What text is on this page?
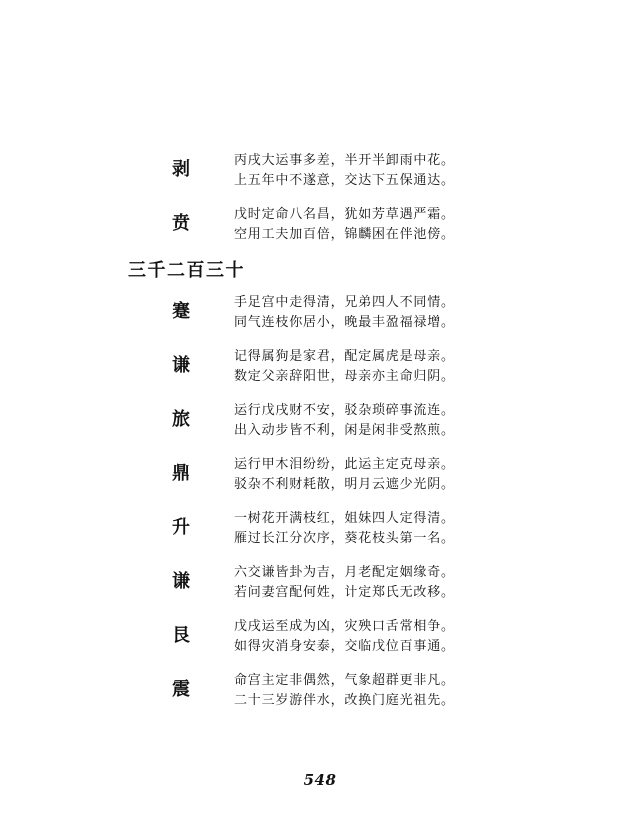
剥	丙戌大运事多差，半开半卸雨中花。
上五年中不遂意，交达下五保通达。
贲	戊时定命八名昌，犹如芳草遇严霜。
空用工夫加百倍，锦麟困在伴池傍。
三千二百三十
蹇	手足宫中走得清，兄弟四人不同情。
同气连枝你居小，晚最丰盈福禄增。
谦	记得属狗是家君，配定属虎是母亲。
数定父亲辞阳世，母亲亦主命归阴。
旅	运行戊戌财不安，驳杂琐碎事流连。
出入动步皆不利，闲是闲非受熬煎。
鼎	运行甲木泪纷纷，此运主定克母亲。
驳杂不利财耗散，明月云遮少光阴。
升	一树花开满枝红，姐妹四人定得清。
雁过长江分次序，葵花枝头第一名。
谦	六交谦皆卦为吉，月老配定姻缘奇。
若问妻宫配何姓，计定郑氏无改移。
艮	戊戌运至成为凶，灾殃口舌常相争。
如得灾消身安泰，交临戊位百事通。
震	命宫主定非偶然，气象超群更非凡。
二十三岁游伴水，改换门庭光祖先。
548
